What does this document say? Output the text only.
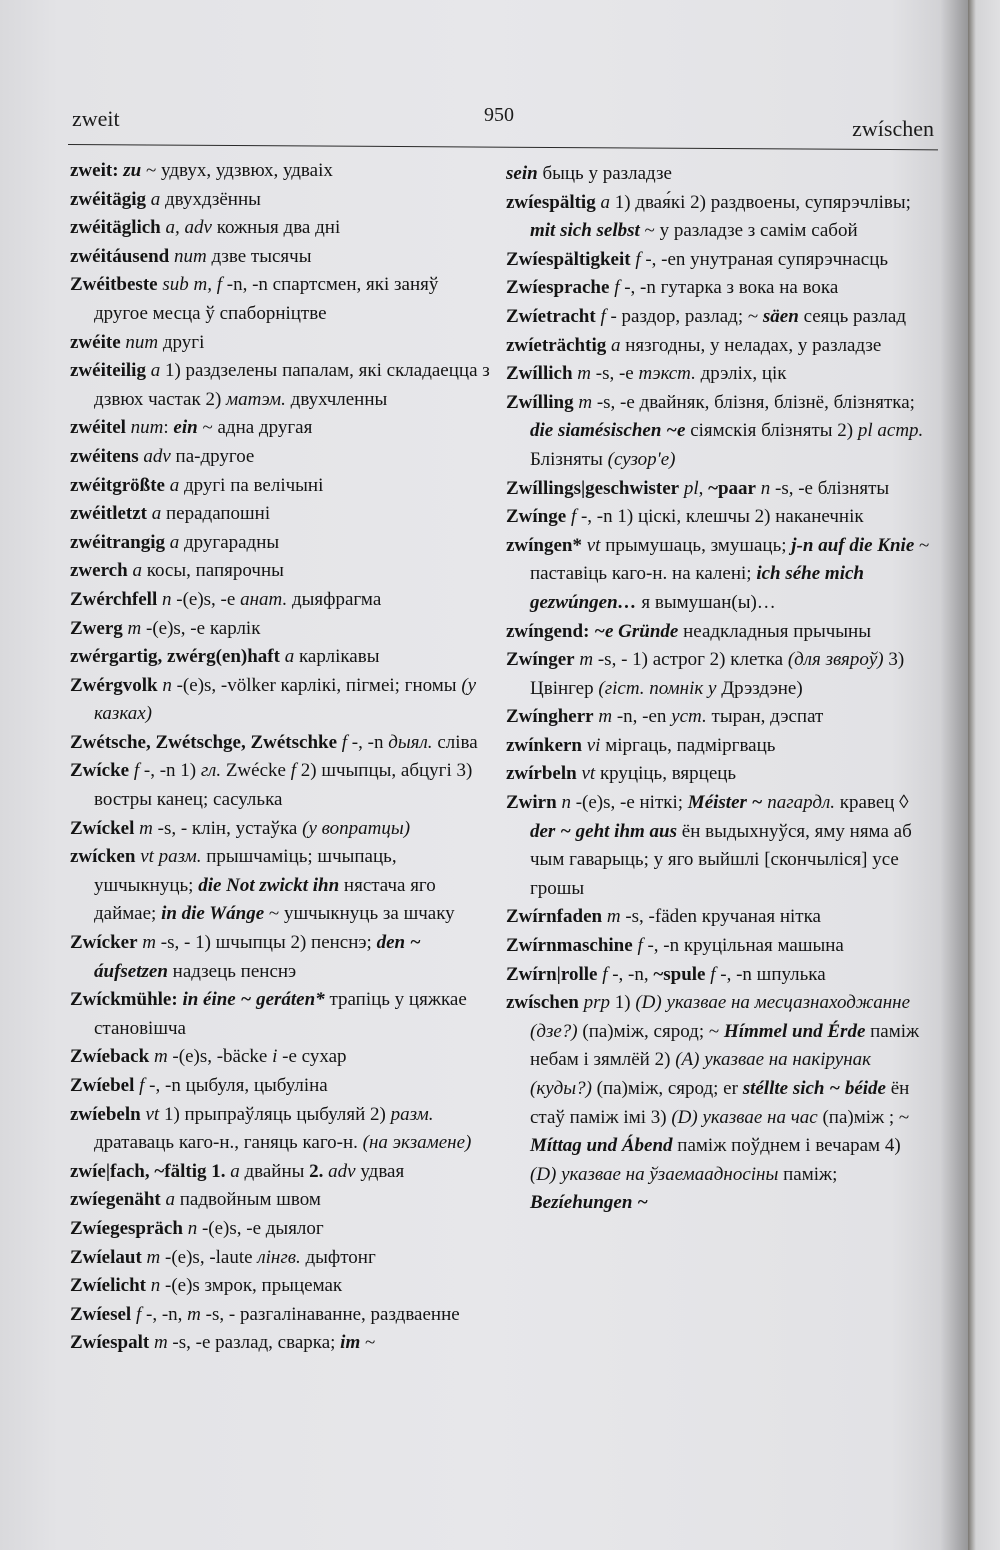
zweit	950
zwíschen

zweit: zu ~ удвух, удзвюх, удваіх

zwéitägig a двухдзённы

zwéitäglich a, adv кожныя два дні

zwéitáusend num дзве тысячы

Zwéitbeste sub m, f -n, -n спартсмен, які заняў другое месца ў спаборніцтве

zwéite num другі

zwéiteilig a 1) раздзелены папалам, які складаецца з дзвюх частак 2) матэм. двухчленны

zwéitel num: ein ~ адна другая

zwéitens adv па-другое

zwéitgrößte a другі па велічыні

zwéitletzt a перадапошні

zwéitrangig a другарадны

zwerch a косы, папярочны

Zwérchfell n -(e)s, -e анат. дыяфрагма

Zwerg m -(e)s, -e карлік

zwérgartig, zwérg(en)haft a карлікавы

Zwérgvolk n -(e)s, -völker карлікі, пігмеі; гномы (у казках)

Zwétsche, Zwétschge, Zwétschke f -, -n дыял. сліва

Zwícke f -, -n 1) гл. Zwécke f 2) шчыпцы, абцугі 3) востры канец; сасулька

Zwíckel m -s, - клін, устаўка (у вопратцы)

zwícken vt разм. прышчаміць; шчыпаць, ушчыкнуць; die Not zwickt ihn нястача яго даймае; in die Wánge ~ ушчыкнуць за шчаку

Zwícker m -s, - 1) шчыпцы 2) пенснэ; den ~ áufsetzen надзець пенснэ

Zwíckmühle: in éine ~ geráten* трапіць у цяжкае становішча

Zwíeback m -(e)s, -bäcke i -e сухар

Zwíebel f -, -n цыбуля, цыбуліна

zwíebeln vt 1) прыпраўляць цыбуляй 2) разм. дратаваць каго-н., ганяць каго-н. (на экзамене)

zwíe|fach, ~fältig 1. a двайны 2. adv удвая

zwíegenäht a падвойным швом

Zwíegespräch n -(e)s, -e дыялог

Zwíelaut m -(e)s, -laute лінгв. дыфтонг

Zwíelicht n -(e)s змрок, прыцемак

Zwíesel f -, -n, m -s, - разгалінаванне, раздваенне

Zwíespalt m -s, -e разлад, сварка; im ~

sein быць у разладзе

zwíespältig a 1) двая́кі 2) раздвоены, супярэчлівы; mit sich selbst ~ у разладзе з самім сабой

Zwíespältigkeit f -, -en унутраная супярэчнасць

Zwíesprache f -, -n гутарка з вока на вока

Zwíetracht f - раздор, разлад; ~ säen сеяць разлад

zwíeträchtig a нязгодны, у неладах, у разладзе

Zwíllich m -s, -e тэкст. дрэліх, цік

Zwílling m -s, -e двайняк, блізня, блізнё, блізнятка; die siamésischen ~e сіямскія блізняты 2) pl астр. Блізняты (сузор'е)

Zwíllings|geschwister pl, ~paar n -s, -e блізняты

Zwínge f -, -n 1) ціскі, клешчы 2) наканечнік

zwíngen* vt прымушаць, змушаць; j-n auf die Knie ~ паставіць каго-н. на калені; ich séhe mich gezwúngen… я вымушан(ы)…

zwíngend: ~e Gründe неадкладныя прычыны

Zwínger m -s, - 1) астрог 2) клетка (для звяроў) 3) Цвінгер (гіст. помнік у Дрэздэне)

Zwíngherr m -n, -en уст. тыран, дэспат

zwínkern vi міргаць, падміргваць

zwírbeln vt круціць, вярцець

Zwirn n -(e)s, -e ніткі; Méister ~ пагардл. кравец ◊ der ~ geht ihm aus ён выдыхнуўся, яму няма аб чым гаварыць; у яго выйшлі [скончыліся] усе грошы

Zwírnfaden m -s, -fäden кручаная нітка

Zwírnmaschine f -, -n круцільная машына

Zwírn|rolle f -, -n, ~spule f -, -n шпулька

zwíschen prp 1) (D) указвае на месцазнаходжанне (дзе?) (па)між, сярод; ~ Hímmel und Érde паміж небам і зямлёй 2) (A) указвае на накірунак (куды?) (па)між, сярод; er stéllte sich ~ béide ён стаў паміж імі 3) (D) указвае на час (па)між ; ~ Míttag und Ábend паміж поўднем і вечарам 4) (D) указвае на ўзаемаадносіны паміж; Bezíehungen ~
